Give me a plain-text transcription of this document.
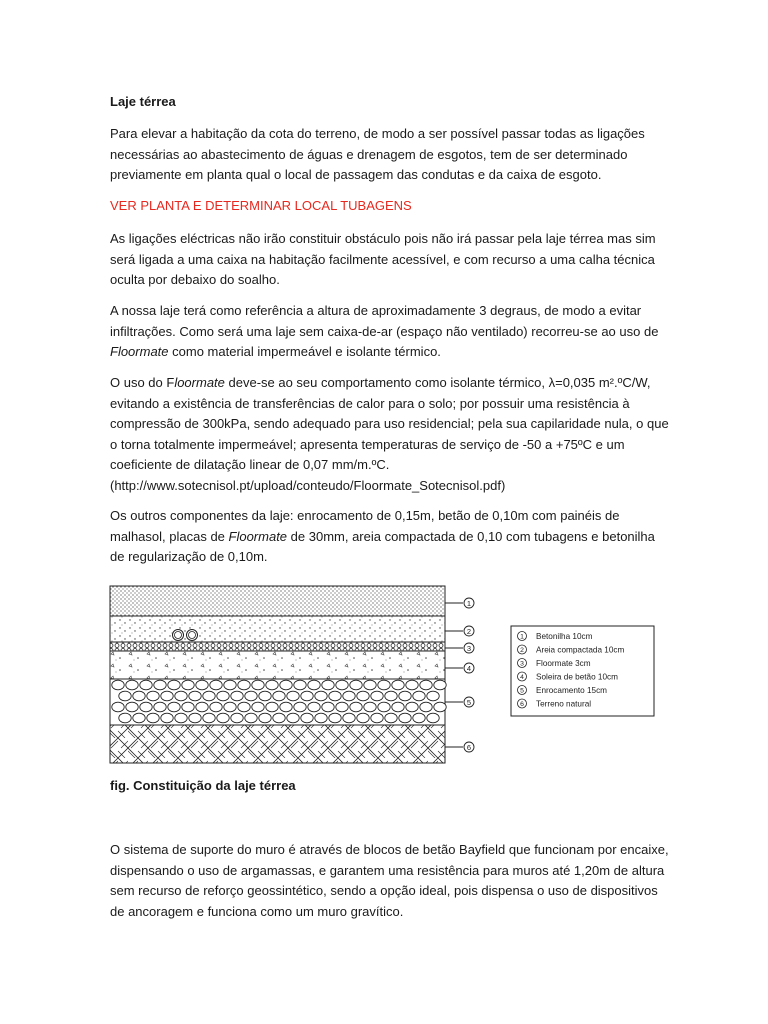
Laje térrea

Para elevar a habitação da cota do terreno, de modo a ser possível passar todas as ligações necessárias ao abastecimento de águas e drenagem de esgotos, tem de ser determinado previamente em planta qual o local de passagem das condutas e da caixa de esgoto.

VER PLANTA E DETERMINAR LOCAL TUBAGENS

As ligações eléctricas não irão constituir obstáculo pois não irá passar pela laje térrea mas sim será ligada a uma caixa na habitação facilmente acessível, e com recurso a uma calha técnica oculta por debaixo do soalho.

A nossa laje terá como referência a altura de aproximadamente 3 degraus, de modo a evitar infiltrações. Como será uma laje sem caixa-de-ar (espaço não ventilado) recorreu-se ao uso de Floormate como material impermeável e isolante térmico.

O uso do Floormate deve-se ao seu comportamento como isolante térmico, λ=0,035 m².ºC/W, evitando a existência de transferências de calor para o solo; por possuir uma resistência à compressão de 300kPa, sendo adequado para uso residencial; pela sua capilaridade nula, o que o torna totalmente impermeável; apresenta temperaturas de serviço de -50 a +75ºC e um coeficiente de dilatação linear de 0,07 mm/m.ºC.
(http://www.sotecnisol.pt/upload/conteudo/Floormate_Sotecnisol.pdf)

Os outros componentes da laje: enrocamento de 0,15m, betão de 0,10m com painéis de malhasol, placas de Floormate de 30mm, areia compactada de 0,10 com tubagens e betonilha de regularização de 0,10m.

1
2
3
4
5
6
1 Betonilha 10cm
2 Areia compactada 10cm
3 Floormate 3cm
4 Soleira de betão 10cm
5 Enrocamento 15cm
6 Terreno natural

fig. Constituição da laje térrea

O sistema de suporte do muro é através de blocos de betão Bayfield que funcionam por encaixe, dispensando o uso de argamassas, e garantem uma resistência para muros até 1,20m de altura sem recurso de reforço geossintético, sendo a opção ideal, pois dispensa o uso de dispositivos de ancoragem e funciona como um muro gravítico.
